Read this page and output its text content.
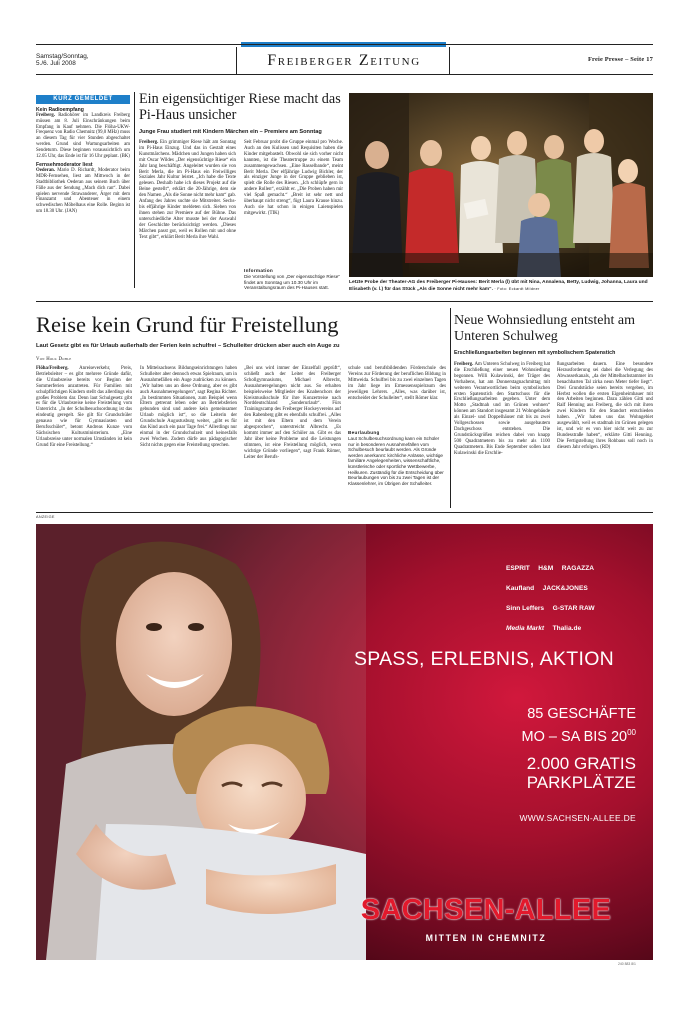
Samstag/Sonntag,
5./6. Juli 2008	Freiberger Zeitung	Freie Presse – Seite 17
KURZ GEMELDET
Kein Radioempfang

Freiberg. Radiohörer im Landkreis Freiberg müssen am 8. Juli Einschränkungen beim Empfang in Kauf nehmen. Die Flöha-UKW-Frequenz von Radio Chemnitz (99,0 MHz) muss an diesem Tag für vier Stunden abgeschaltet werden. Grund sind Wartungsarbeiten am Sendeturm. Diese beginnen voraussichtlich um 12.05 Uhr, das Ende ist für 16 Uhr geplant. (BK)

Fernsehmoderator liest

Oederan. Mario D. Richardt, Moderator beim MDR-Fernsehen, liest am Mittwoch in der Stadtbibliothek Oederan aus seinem Buch über Fälle aus der Sendung „Mach dich ran“. Dabei spielen nervende Strawanderer, Ärger mit dem Finanzamt und Abenteuer in einem schwedischen Möbelhaus eine Rolle. Beginn ist um 18.30 Uhr. (JAN)

Ein eigensüchtiger Riese macht das Pi-Haus unsicher
Junge Frau studiert mit Kindern Märchen ein – Premiere am Sonntag

Freiberg. Ein grimmiger Riese hält am Sonntag im Pi-Haus Einzug. Und das in Gestalt eines Kunstmärchens. Mädchen und Jungen haben sich mit Oscar Wildes „Der eigensüchtige Riese“ ein Jahr lang beschäftigt. Angeleitet wurden sie von Berit Merla, die im Pi-Haus ein Freiwilliges Soziales Jahr Kultur leistet. „Ich habe die Texte gelesen. Deshalb habe ich dieses Projekt auf die Beine gestellt“, erklärt die 20-Jährige, dem sie den Namen „Als die Sonne nicht mehr kam“ gab. Anfang des Jahres suchte sie Mitstreiter. Sechs- bis elfjährige Kinder meldeten sich. Sieben von ihnen stehen zur Premiere auf der Bühne. Das unterschiedliche Alter musste bei der Auswahl der Geschichte berücksichtigt werden. „Dieses Märchen passt gut, weil es Rollen mit und ohne Text gibt“, erklärt Berit Merla ihre Wahl.

Seit Februar probt die Gruppe einmal pro Woche. Auch an den Kulissen und Requisiten haben die Kinder mitgebastelt. Obwohl sie sich vorher nicht kannten, ist die Theatertruppe zu einem Team zusammengewachsen. „Eine Rasselbande“, meint Berit Merla. Der elfjährige Ludwig Bichler, der als einziger Junge in der Gruppe geblieben ist, spielt die Rolle des Riesen. „Ich schlüpfe gern in andere Rollen“, erzählt er. „Die Proben haben mir viel Spaß gemacht.“ „Breit ist sehr nett und überhaupt nicht streng“, fügt Laura Krause hinzu. Auch sie hat schon in einigen Laienspielen mitgewirkt. (TIK)

Information
Die Vorstellung von „Der eigensüchtige Riese“ findet am Sonntag um 10.30 Uhr im Veranstaltungsraum des Pi-Hauses statt.
Letzte Probe der Theater-AG des Freiberger Pi-Hauses: Berit Merla (l) übt mit Nina, Annalena, Betty, Ludwig, Johanna, Laura und Elisabeth (v. l.) für das Stück „Als die Sonne nicht mehr kam“. · Foto: Eckardt Mildner
Reise kein Grund für Freistellung
Laut Gesetz gibt es für Urlaub außerhalb der Ferien kein schulfrei – Schulleiter drücken aber auch ein Auge zu
Von Holk Dohle

Flöha/Freiberg. Anreiseverkehr, Preis, Betriebsleiter – es gibt mehrere Gründe dafür, die Urlaubsreise bereits vor Beginn der Sommerferien anzutreten. Für Familien mit schulpflichtigen Kindern stellt das allerdings ein großes Problem dar. Denn laut Schulgesetz gibt es für die Urlaubsreise keine Freistellung vom Unterricht. „In der Schulbesuchsordnung ist das eindeutig geregelt. Sie gilt für Grundschüler genauso wie für Gymnasiasten und Berufsschüler“, betont Andreas Kunze vom Sächsischen Kultusministerium. „Eine Urlaubsreise unter normalen Umständen ist kein Grund für eine Freistellung.“

In Mittelsachsens Bildungseinrichtungen haben Schulleiter aber dennoch etwas Spielraum, um in Ausnahmefällen ein Auge zudrücken zu können. „Wir halten uns an diese Ordnung, aber es gibt auch Ausnahmeregelungen“, sagt Regina Richter. „In bestimmten Situationen, zum Beispiel wenn Eltern getrennt leben oder an Betriebsferien gebunden sind und andere kein gemeinsamer Urlaub möglich ist“, so die Leiterin der Grundschule Augustusburg weiter, „gibt es für das Kind auch ein paar Tage frei.“ Allerdings nur einmal in der Grundschulzeit und keinesfalls zwei Wochen. Zudem dürfe aus pädagogischer Sicht nichts gegen eine Freistellung sprechen.

„Bei uns wird immer der Einzelfall geprüft“, schließt auch der Leiter des Freiberger Schollgymnasiums, Michael Albrecht, Ausnahmeregelungen nicht aus. So erhalten beispielsweise Mitglieder des Knabenchors der Kreismusikschule für ihre Konzertreise nach Norddeutschland „Sonderurlaub“. Fürs Trainingscamp des Freiberger Hockeyvereins auf den Rabenberg gibt es ebenfalls schulfrei. „Alles ist mit den Eltern und dem Verein abgesprochen“, unterstreicht Albrecht. „Es kommt immer auf den Schüler an. Gibt es das Jahr über keine Probleme und die Leistungen stimmen, ist eine Freistellung möglich, wenn wichtige Gründe vorliegen“, sagt Frank Römer, Leiter der Berufs-

schule und berufsbildenden Förderschule des Vereins zur Förderung der beruflichen Bildung in Mittweida. Schulfrei bis zu zwei einzelnen Tagen im Jahr liege im Ermessensspielraum des jeweiligen Lehrers. „Alles, was darüber ist, entscheidet der Schulleiter“, stellt Römer klar.

Beurlaubung
Laut Schulbesuchsordnung kann ein Schüler nur in besonderen Ausnahmefällen vom Schulbesuch beurlaubt werden. Als Gründe werden anerkannt: kirchliche Anlässe, wichtige familiäre Angelegenheiten, wissenschaftliche, künstlerische oder sportliche Wettbewerbe, Heilkuren. Zuständig für die Entscheidung über Beurlaubungen von bis zu zwei Tagen ist der Klassenlehrer, im Übrigen der Schulleiter.
Neue Wohnsiedlung entsteht am Unteren Schulweg
Erschließungsarbeiten beginnen mit symbolischem Spatenstich

Freiberg. Am Unteren Schulweg in Freiberg hat die Erschließung einer neuen Wohnsiedlung begonnen. Willi Kulawinski, der Träger des Vorhabens, hat am Donnerstagnachmittag mit weiteren Verantwortlichen beim symbolischen ersten Spatenstich den Startschuss für die Erschließungsarbeiten gegeben. Unter dem Motto „Stadtnah und im Grünen wohnen“ können am Standort insgesamt 21 Wohngebäude als Einzel- und Doppelhäuser mit bis zu zwei Vollgeschossen sowie ausgebautem Dachgeschoss entstehen. Die Grundstücksgrößen reichen dabei von knapp 500 Quadratmetern bis zu mehr als 1100 Quadratmetern. Bis Ende September sollen laut Kulawinski die Erschlie-

ßungsarbeiten dauern. Eine besondere Herausforderung sei dabei die Verlegung des Abwasserkanals, „da der Mittelbachstammer im benachbarten Tal zirka neun Meter tiefer liegt“. Drei Grundstücke seien bereits vergeben, im Herbst wollen die ersten Eigenheimbauer mit den Arbeiten beginnen. Dazu zählen Gitti und Ralf Henning aus Freiberg, die sich mit ihren zwei Kindern für den Standort entschieden haben. „Wir haben uns das Wohngebiet ausgewählt, weil es stadtnah im Grünen gelegen ist, und wir es von hier nicht weit zu zur Bundesstraße haben“, erklärte Gitti Henning. Die Fertigstellung ihres Rohbaus soll noch in diesem Jahr erfolgen. (RD)

ANZEIGE
ESPRIT H&M RAGAZZA
Kaufland JACK&JONES
Sinn Leffers G-STAR RAW
Media Markt Thalia.de
SPASS, ERLEBNIS, AKTION
85 GESCHÄFTE
MO – SA BIS $20^{00}$
2.000 GRATIS
PARKPLÄTZE
WWW.SACHSEN-ALLEE.DE
SACHSEN-ALLEE
MITTEN IN CHEMNITZ
240 883 8/1
